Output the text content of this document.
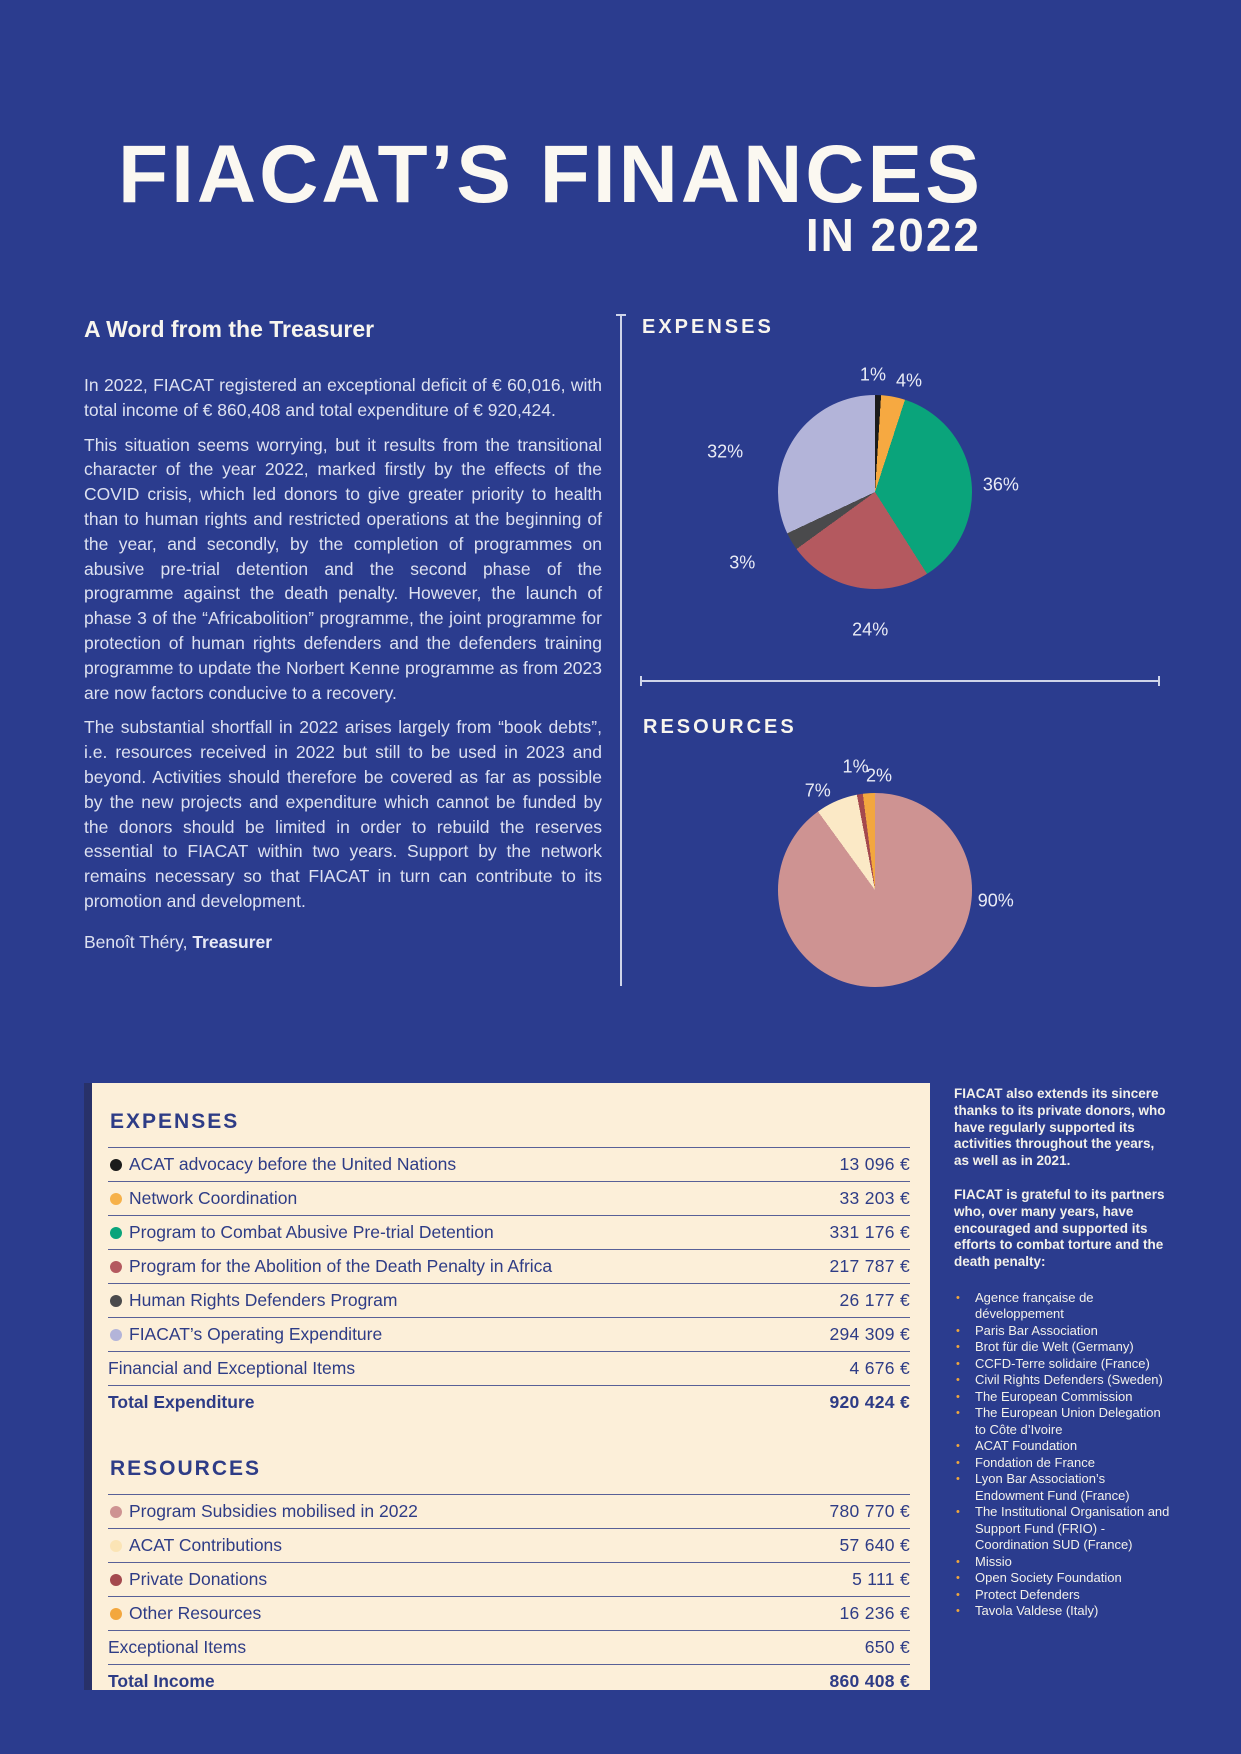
FIACAT’S FINANCES
IN 2022
A Word from the Treasurer

In 2022, FIACAT registered an exceptional deficit of € 60,016, with total income of € 860,408 and total expenditure of € 920,424.

This situation seems worrying, but it results from the transitional character of the year 2022, marked firstly by the effects of the COVID crisis, which led donors to give greater priority to health than to human rights and restricted operations at the beginning of the year, and secondly, by the completion of programmes on abusive pre-trial detention and the second phase of the programme against the death penalty. However, the launch of phase 3 of the “Africabolition” programme, the joint programme for protection of human rights defenders and the defenders training programme to update the Norbert Kenne programme as from 2023 are now factors conducive to a recovery.

The substantial shortfall in 2022 arises largely from “book debts”, i.e. resources received in 2022 but still to be used in 2023 and beyond. Activities should therefore be covered as far as possible by the new projects and expenditure which cannot be funded by the donors should be limited in order to rebuild the reserves essential to FIACAT within two years. Support by the network remains necessary so that FIACAT in turn can contribute to its promotion and development.

Benoît Théry, Treasurer

EXPENSES
RESOURCES
1% 4%
36%
24%
3%
32%
90%
7%
1%
2%
EXPENSES
ACAT advocacy before the United Nations	13 096 €
Network Coordination	33 203 €
Program to Combat Abusive Pre-trial Detention	331 176 €
Program for the Abolition of the Death Penalty in Africa	217 787 €
Human Rights Defenders Program	26 177 €
FIACAT’s Operating Expenditure	294 309 €
Financial and Exceptional Items	4 676 €
Total Expenditure	920 424 €
RESOURCES
Program Subsidies mobilised in 2022	780 770 €
ACAT Contributions	57 640 €
Private Donations	5 111 €
Other Resources	16 236 €
Exceptional Items	650 €
Total Income	860 408 €

FIACAT also extends its sincere thanks to its private donors, who have regularly supported its activities throughout the years, as well as in 2021.

FIACAT is grateful to its partners who, over many years, have encouraged and supported its efforts to combat torture and the death penalty:

•	Agence française de développement
•	Paris Bar Association
•	Brot für die Welt (Germany)
•	CCFD-Terre solidaire (France)
•	Civil Rights Defenders (Sweden)
•	The European Commission
•	The European Union Delegation to Côte d’Ivoire
•	ACAT Foundation
•	Fondation de France
•	Lyon Bar Association’s Endowment Fund (France)
•	The Institutional Organisation and Support Fund (FRIO) -Coordination SUD (France)
•	Missio
•	Open Society Foundation
•	Protect Defenders
•	Tavola Valdese (Italy)
